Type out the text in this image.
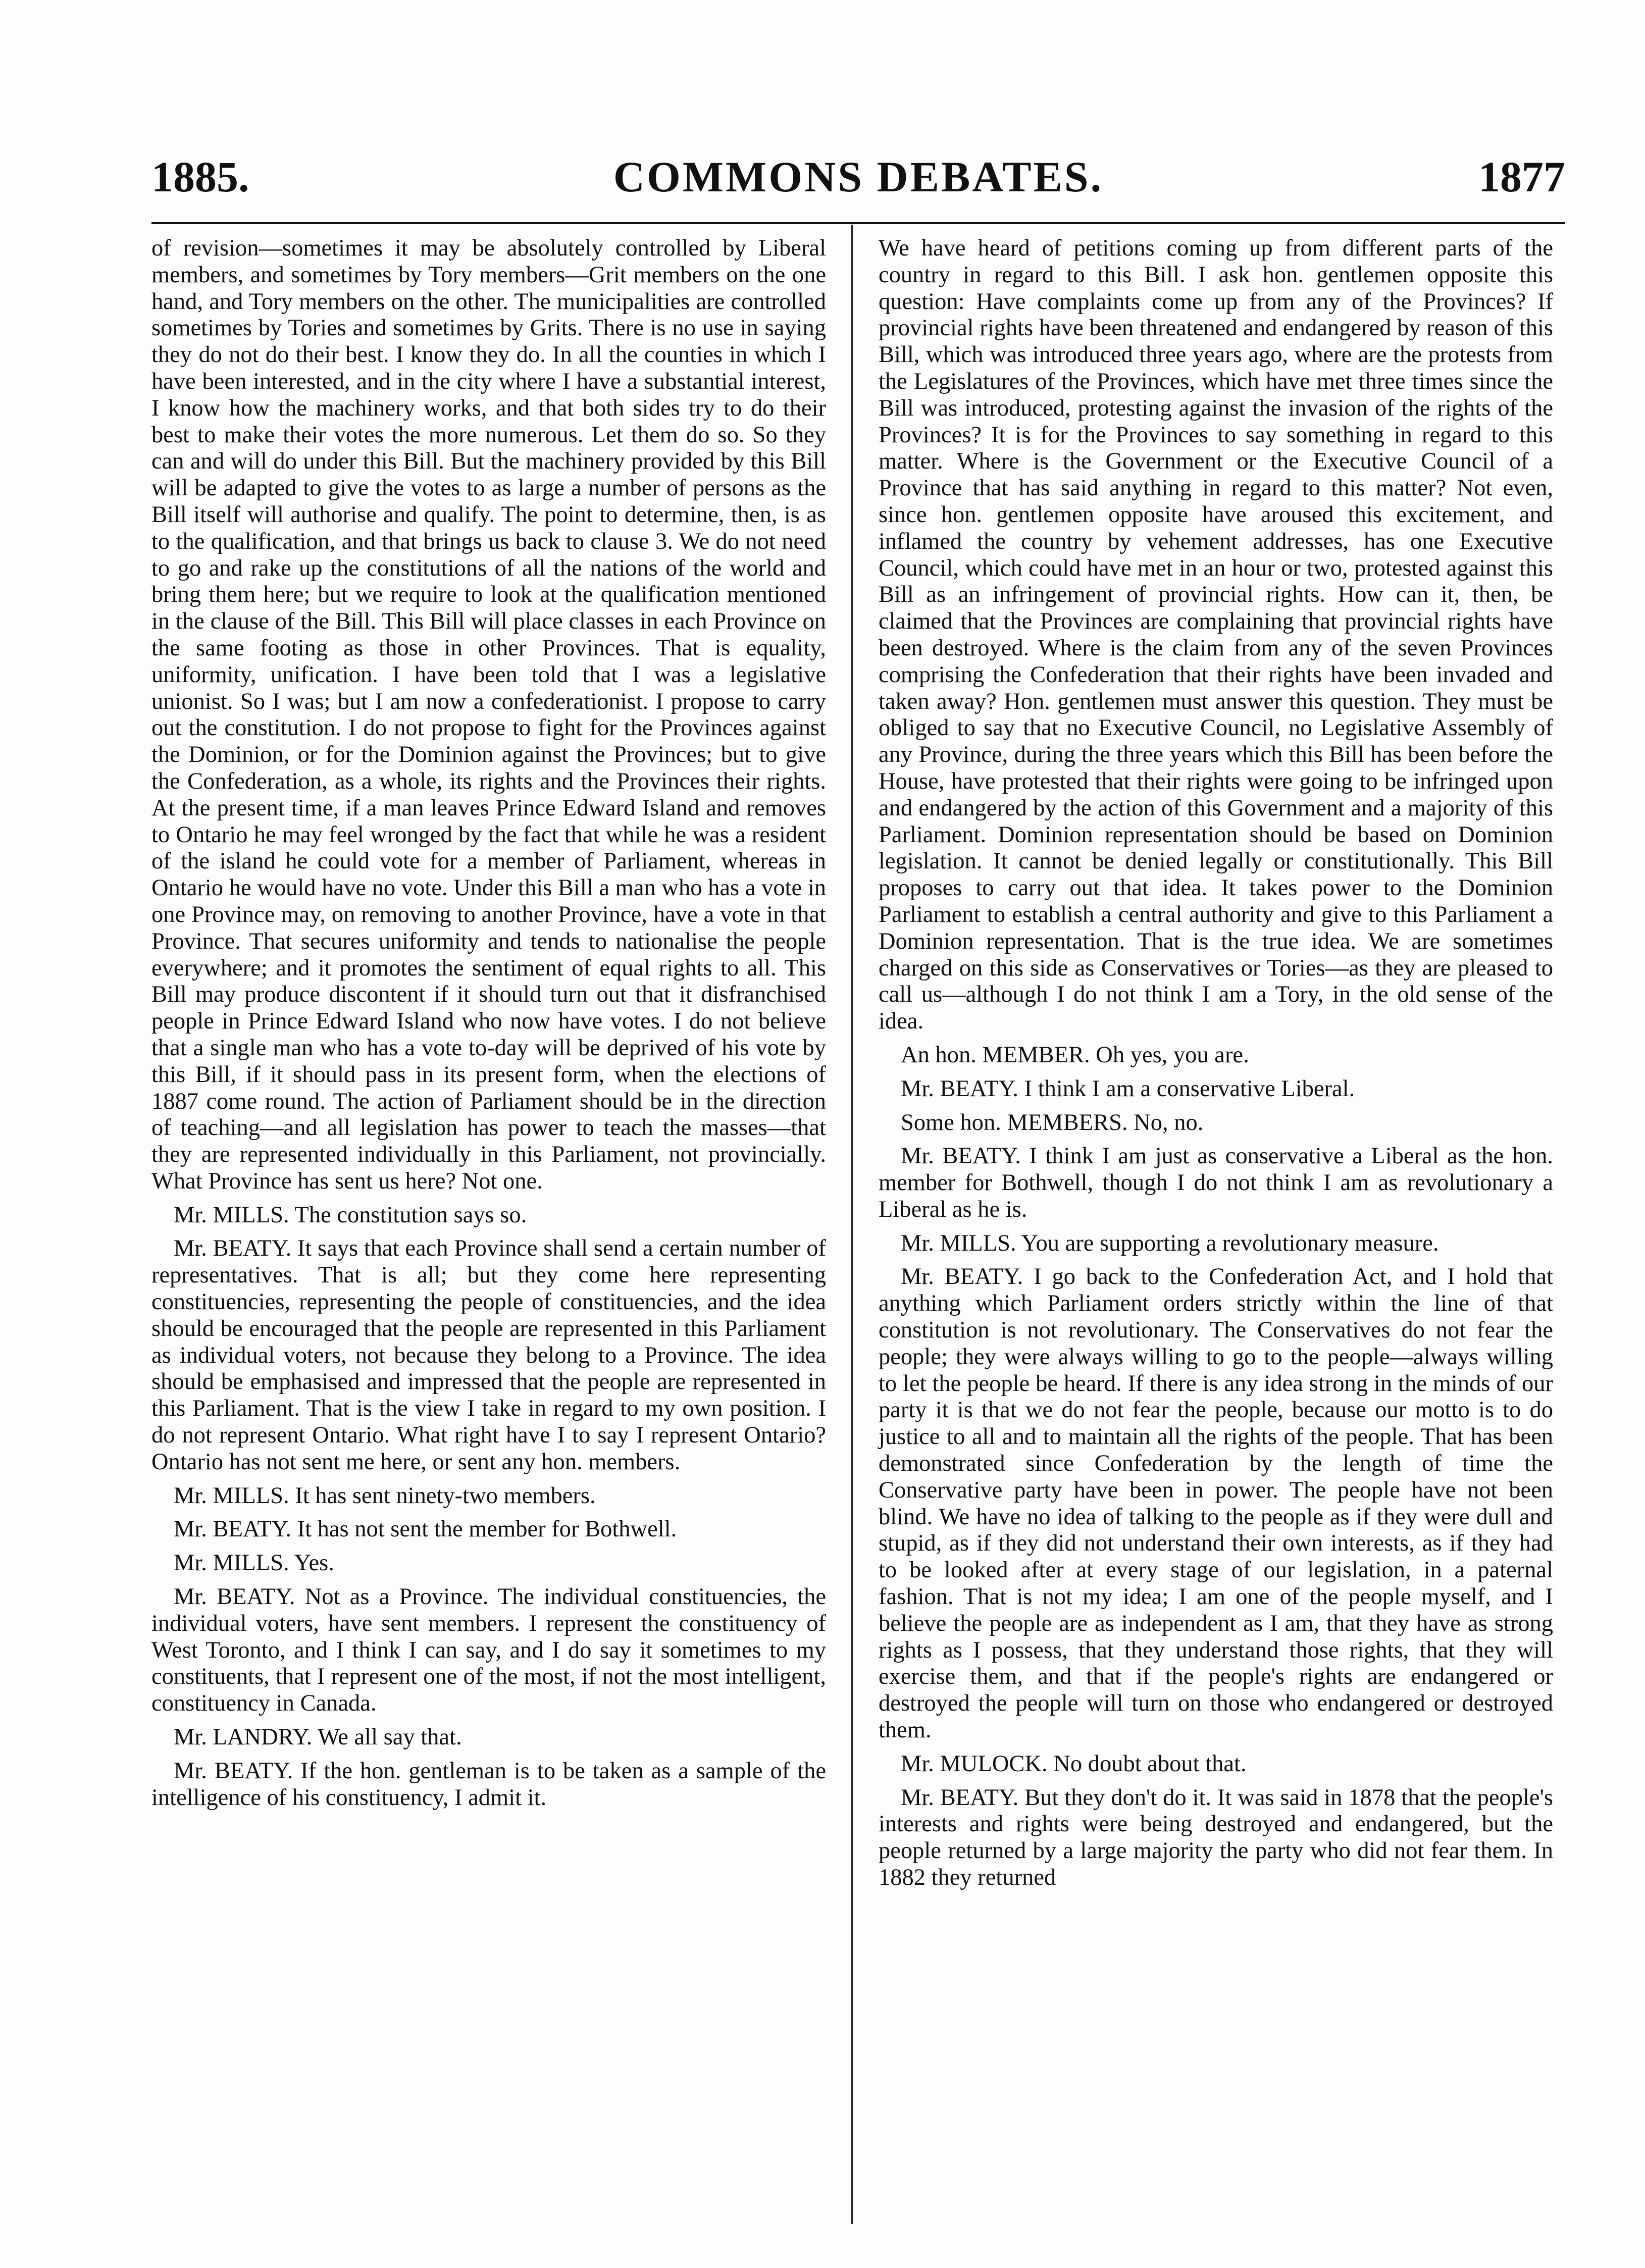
1885.	COMMONS DEBATES.	1877

of revision—sometimes it may be absolutely controlled by Liberal members, and sometimes by Tory members—Grit members on the one hand, and Tory members on the other. The municipalities are controlled sometimes by Tories and sometimes by Grits. There is no use in saying they do not do their best. I know they do. In all the counties in which I have been interested, and in the city where I have a substantial interest, I know how the machinery works, and that both sides try to do their best to make their votes the more numerous. Let them do so. So they can and will do under this Bill. But the machinery provided by this Bill will be adapted to give the votes to as large a number of persons as the Bill itself will authorise and qualify. The point to determine, then, is as to the qualification, and that brings us back to clause 3. We do not need to go and rake up the constitutions of all the nations of the world and bring them here; but we require to look at the qualification mentioned in the clause of the Bill. This Bill will place classes in each Province on the same footing as those in other Provinces. That is equality, uniformity, unification. I have been told that I was a legislative unionist. So I was; but I am now a confederationist. I propose to carry out the constitution. I do not propose to fight for the Provinces against the Dominion, or for the Dominion against the Provinces; but to give the Confederation, as a whole, its rights and the Provinces their rights. At the present time, if a man leaves Prince Edward Island and removes to Ontario he may feel wronged by the fact that while he was a resident of the island he could vote for a member of Parliament, whereas in Ontario he would have no vote. Under this Bill a man who has a vote in one Province may, on removing to another Province, have a vote in that Province. That secures uniformity and tends to nationalise the people everywhere; and it promotes the sentiment of equal rights to all. This Bill may produce discontent if it should turn out that it disfranchised people in Prince Edward Island who now have votes. I do not believe that a single man who has a vote to-day will be deprived of his vote by this Bill, if it should pass in its present form, when the elections of 1887 come round. The action of Parliament should be in the direction of teaching—and all legislation has power to teach the masses—that they are represented individually in this Parliament, not provincially. What Province has sent us here? Not one.

Mr. MILLS. The constitution says so.

Mr. BEATY. It says that each Province shall send a certain number of representatives. That is all; but they come here representing constituencies, representing the people of constituencies, and the idea should be encouraged that the people are represented in this Parliament as individual voters, not because they belong to a Province. The idea should be emphasised and impressed that the people are represented in this Parliament. That is the view I take in regard to my own position. I do not represent Ontario. What right have I to say I represent Ontario? Ontario has not sent me here, or sent any hon. members.

Mr. MILLS. It has sent ninety-two members.

Mr. BEATY. It has not sent the member for Bothwell.

Mr. MILLS. Yes.

Mr. BEATY. Not as a Province. The individual constituencies, the individual voters, have sent members. I represent the constituency of West Toronto, and I think I can say, and I do say it sometimes to my constituents, that I represent one of the most, if not the most intelligent, constituency in Canada.

Mr. LANDRY. We all say that.

Mr. BEATY. If the hon. gentleman is to be taken as a sample of the intelligence of his constituency, I admit it.

We have heard of petitions coming up from different parts of the country in regard to this Bill. I ask hon. gentlemen opposite this question: Have complaints come up from any of the Provinces? If provincial rights have been threatened and endangered by reason of this Bill, which was introduced three years ago, where are the protests from the Legislatures of the Provinces, which have met three times since the Bill was introduced, protesting against the invasion of the rights of the Provinces? It is for the Provinces to say something in regard to this matter. Where is the Government or the Executive Council of a Province that has said anything in regard to this matter? Not even, since hon. gentlemen opposite have aroused this excitement, and inflamed the country by vehement addresses, has one Executive Council, which could have met in an hour or two, protested against this Bill as an infringement of provincial rights. How can it, then, be claimed that the Provinces are complaining that provincial rights have been destroyed. Where is the claim from any of the seven Provinces comprising the Confederation that their rights have been invaded and taken away? Hon. gentlemen must answer this question. They must be obliged to say that no Executive Council, no Legislative Assembly of any Province, during the three years which this Bill has been before the House, have protested that their rights were going to be infringed upon and endangered by the action of this Government and a majority of this Parliament. Dominion representation should be based on Dominion legislation. It cannot be denied legally or constitutionally. This Bill proposes to carry out that idea. It takes power to the Dominion Parliament to establish a central authority and give to this Parliament a Dominion representation. That is the true idea. We are sometimes charged on this side as Conservatives or Tories—as they are pleased to call us—although I do not think I am a Tory, in the old sense of the idea.

An hon. MEMBER. Oh yes, you are.

Mr. BEATY. I think I am a conservative Liberal.

Some hon. MEMBERS. No, no.

Mr. BEATY. I think I am just as conservative a Liberal as the hon. member for Bothwell, though I do not think I am as revolutionary a Liberal as he is.

Mr. MILLS. You are supporting a revolutionary measure.

Mr. BEATY. I go back to the Confederation Act, and I hold that anything which Parliament orders strictly within the line of that constitution is not revolutionary. The Conservatives do not fear the people; they were always willing to go to the people—always willing to let the people be heard. If there is any idea strong in the minds of our party it is that we do not fear the people, because our motto is to do justice to all and to maintain all the rights of the people. That has been demonstrated since Confederation by the length of time the Conservative party have been in power. The people have not been blind. We have no idea of talking to the people as if they were dull and stupid, as if they did not understand their own interests, as if they had to be looked after at every stage of our legislation, in a paternal fashion. That is not my idea; I am one of the people myself, and I believe the people are as independent as I am, that they have as strong rights as I possess, that they understand those rights, that they will exercise them, and that if the people's rights are endangered or destroyed the people will turn on those who endangered or destroyed them.

Mr. MULOCK. No doubt about that.

Mr. BEATY. But they don't do it. It was said in 1878 that the people's interests and rights were being destroyed and endangered, but the people returned by a large majority the party who did not fear them. In 1882 they returned
